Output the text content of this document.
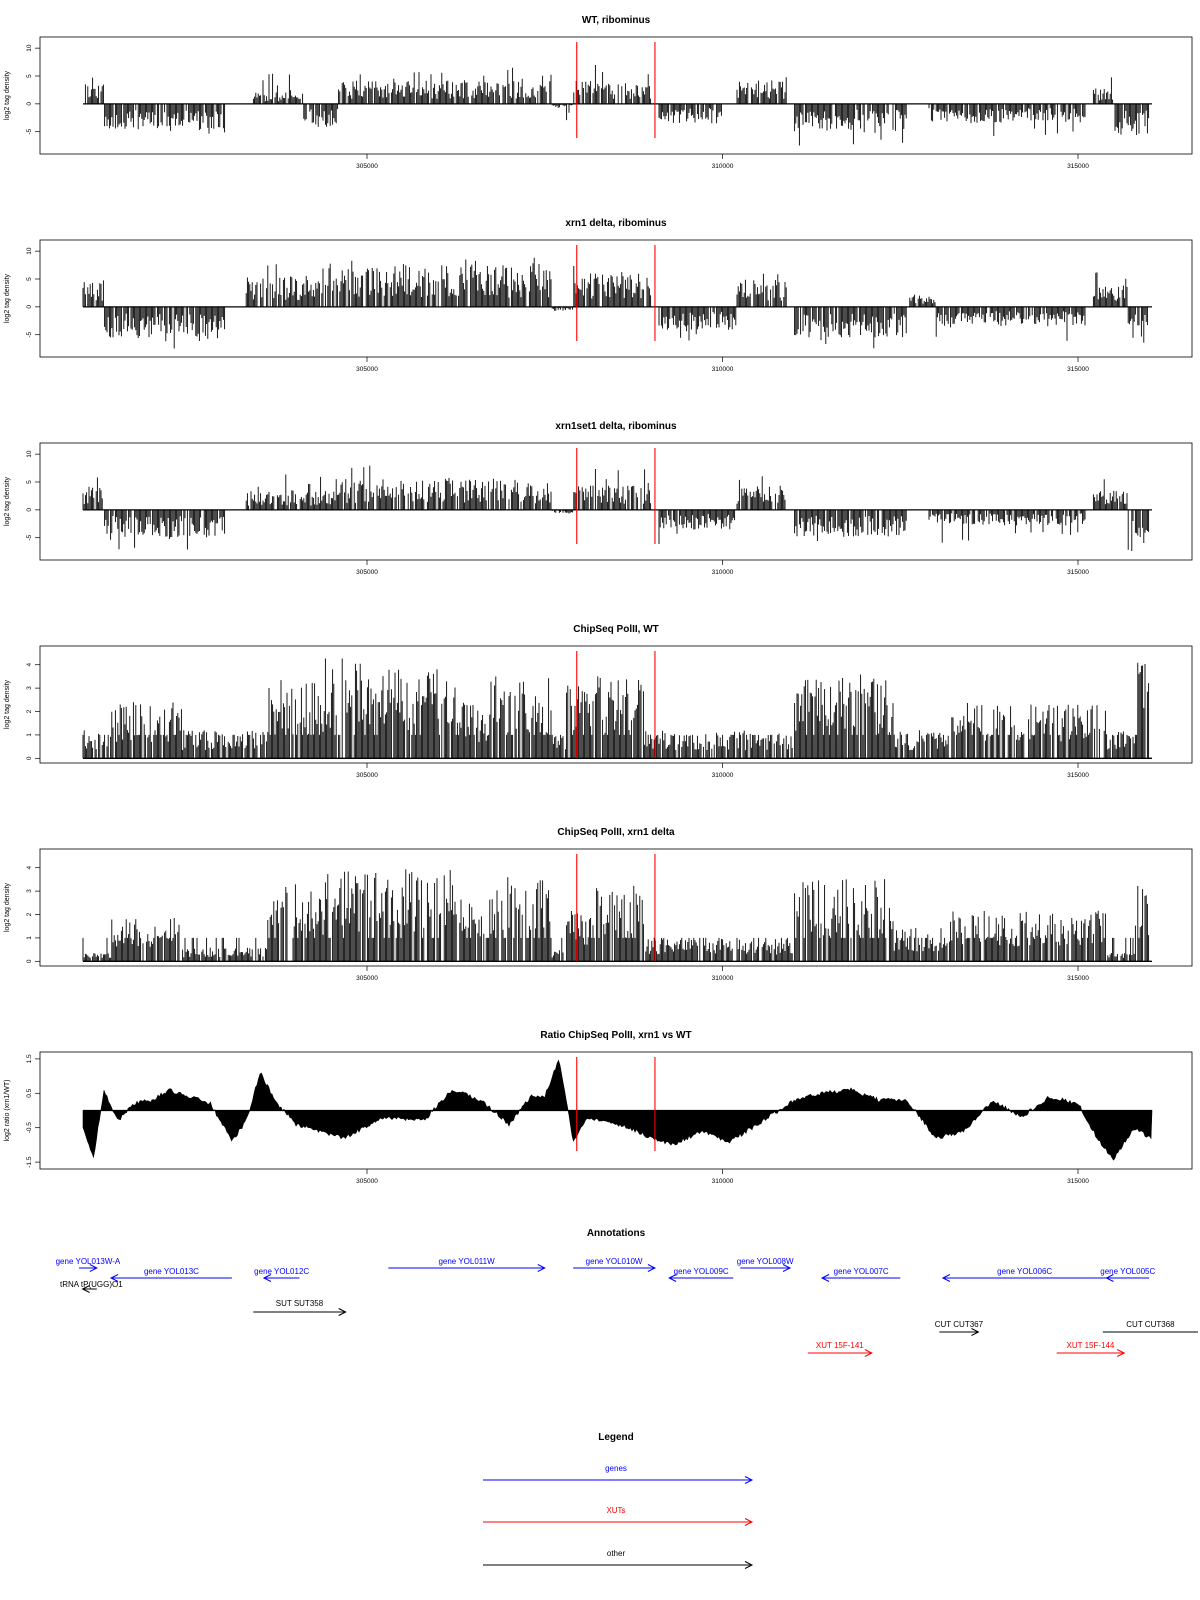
WT, ribominus
-5
0
5
10
log2 tag density
305000	310000	315000
xrn1 delta, ribominus
-5
0
5
10
log2 tag density
305000	310000	315000
xrn1set1 delta, ribominus
-5
0
5
10
log2 tag density
305000	310000	315000
ChipSeq PolII, WT
0
1
2
3
4
log2 tag density
305000	310000	315000
ChipSeq PolII, xrn1 delta
0
1
2
3
4
log2 tag density
305000	310000	315000
Ratio ChipSeq PolII, xrn1 vs WT
-1.5
-0.5
0.5
1.5
log2 ratio (xrn1/WT)
305000	310000	315000
Annotations
gene YOL013W-A
gene YOL013C
tRNA tP(UGG)O1
gene YOL012C
SUT SUT358
gene YOL011W	gene YOL010W
gene YOL009C
gene YOL008W
gene YOL007C	gene YOL006C	gene YOL005C
CUT CUT367	CUT CUT368
XUT 15F-141	XUT 15F-144
Legend
genes
XUTs
other
